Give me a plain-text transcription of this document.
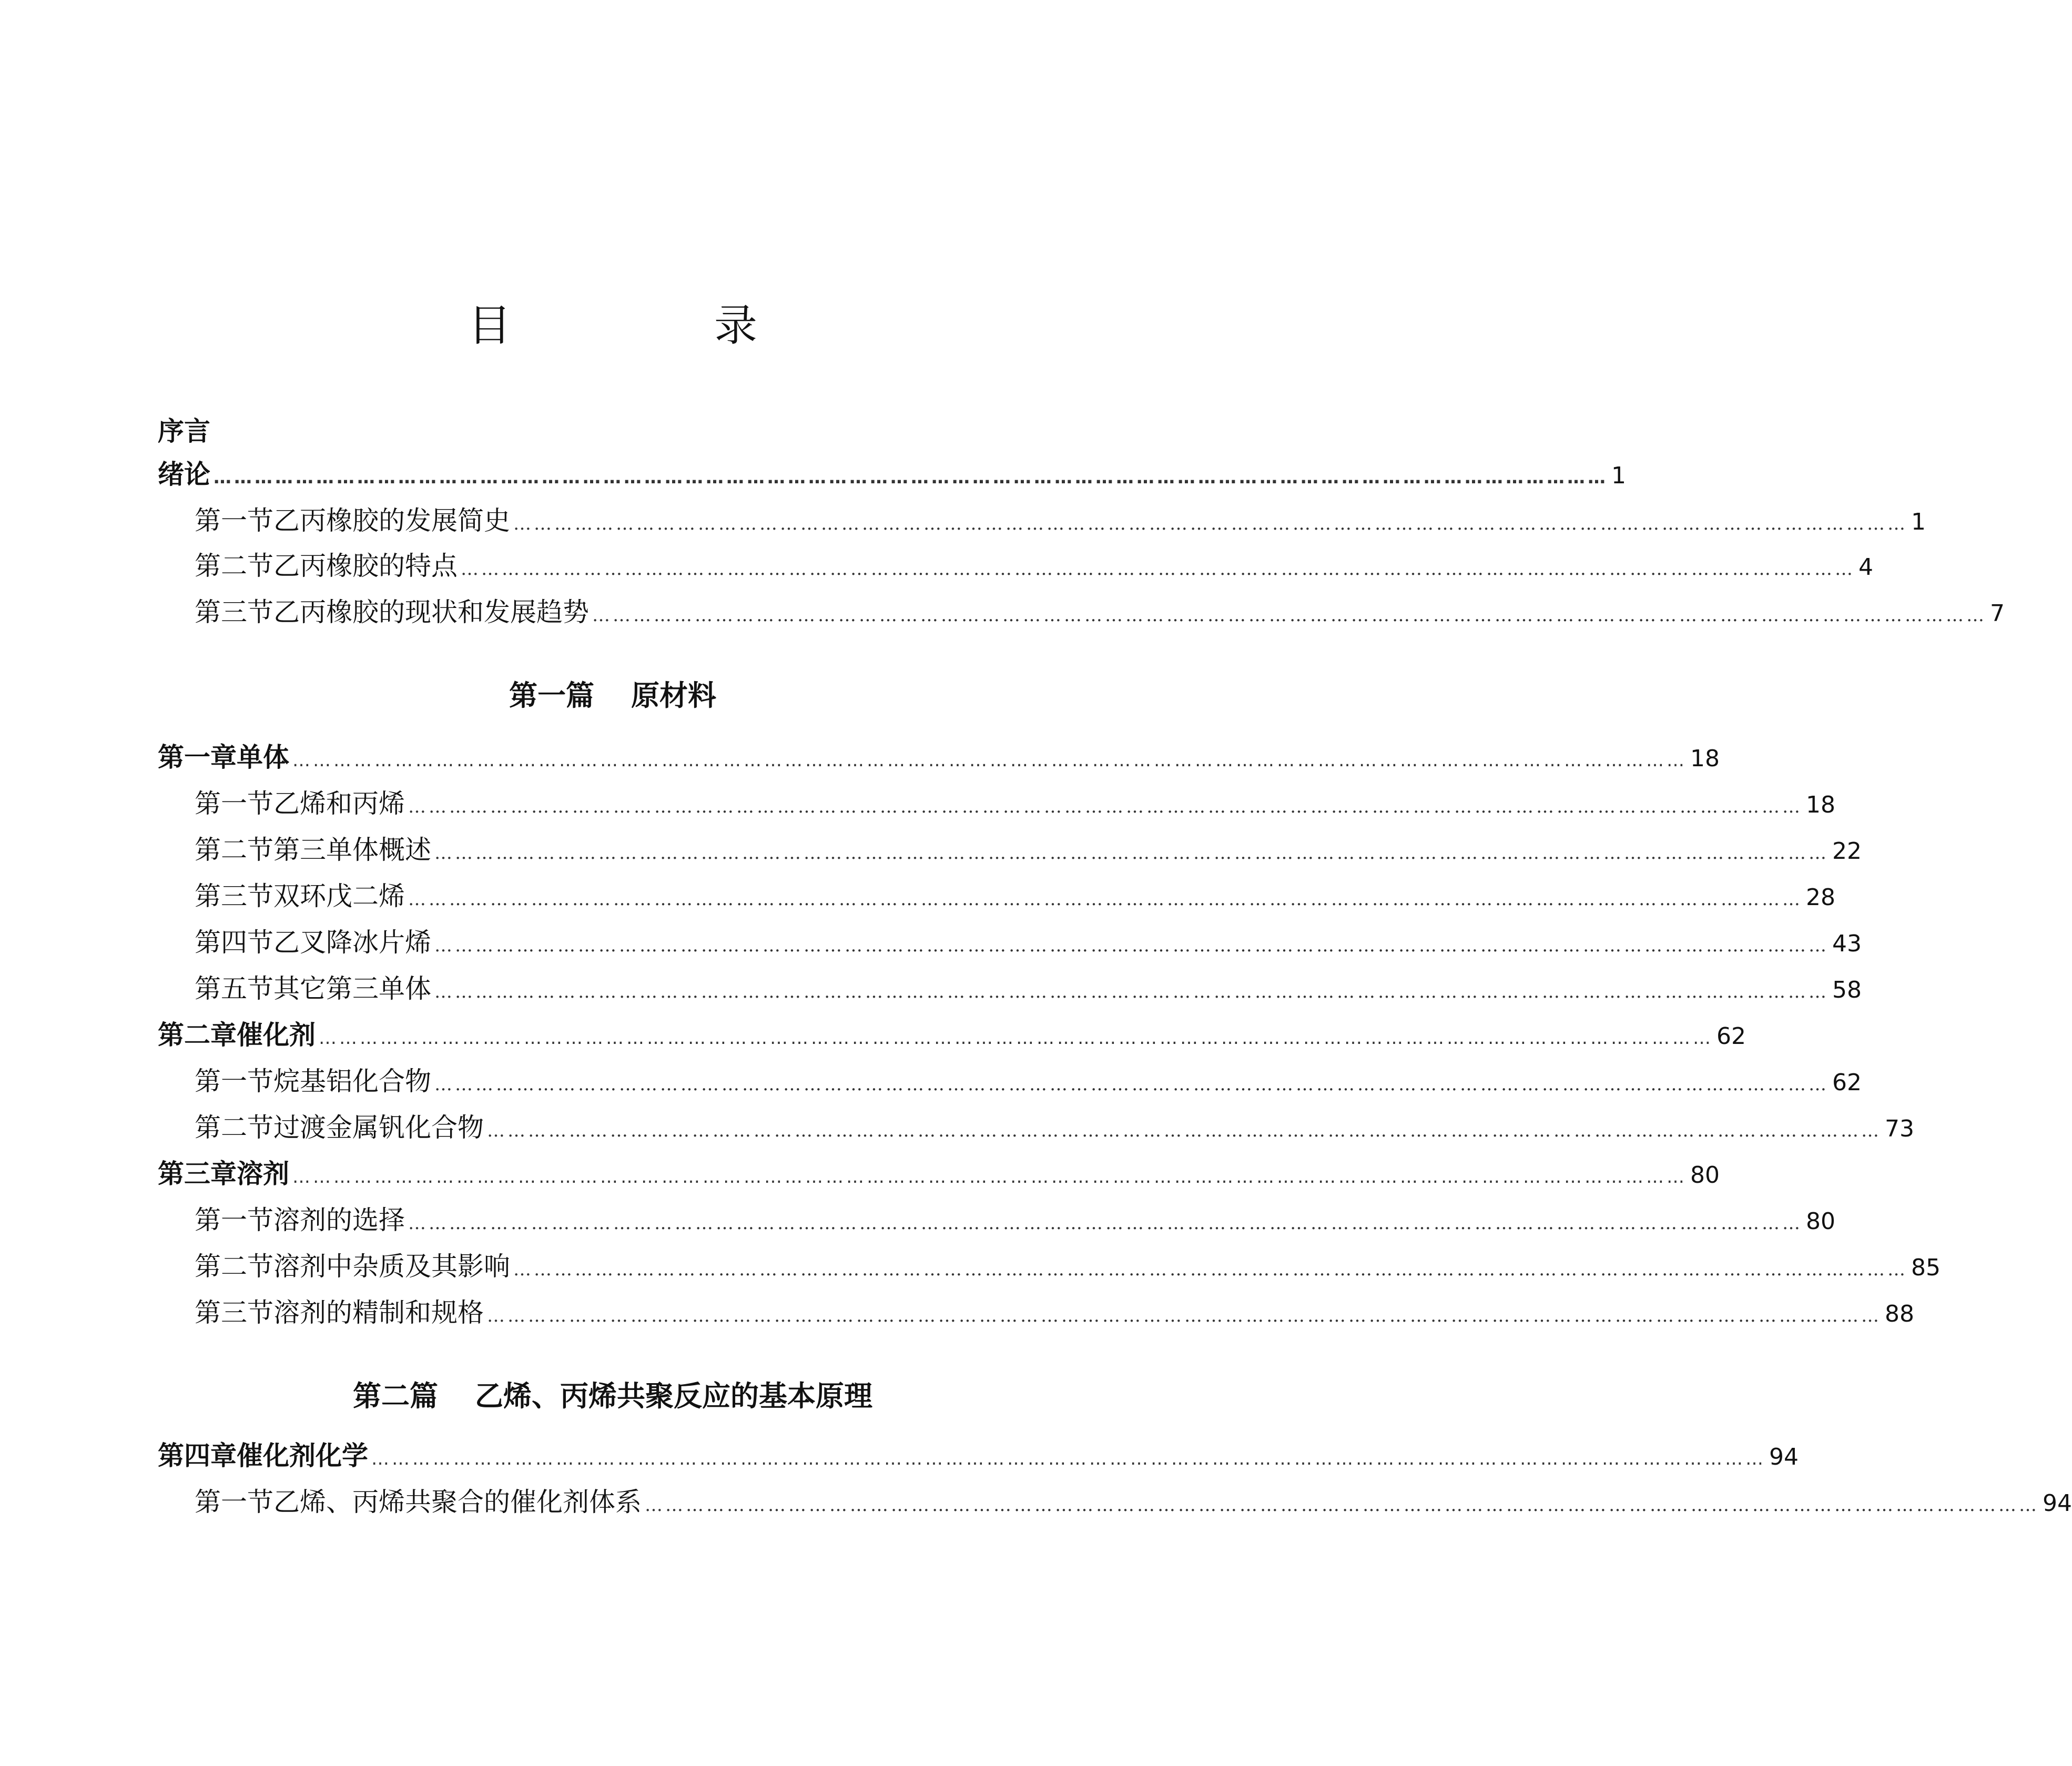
目 录
序言
绪论 …………………………………………………………………………………………………………………………………………………………………………………… 1
第一节 乙丙橡胶的发展简史 …………………………………………………………………………………………………………………………………………………………………………………… 1
第二节 乙丙橡胶的特点 …………………………………………………………………………………………………………………………………………………………………………………… 4
第三节 乙丙橡胶的现状和发展趋势 …………………………………………………………………………………………………………………………………………………………………………………… 7
第一篇 原材料
第一章 单体 …………………………………………………………………………………………………………………………………………………………………………………… 18
第一节 乙烯和丙烯 …………………………………………………………………………………………………………………………………………………………………………………… 18
第二节 第三单体概述 …………………………………………………………………………………………………………………………………………………………………………………… 22
第三节 双环戊二烯 …………………………………………………………………………………………………………………………………………………………………………………… 28
第四节 乙叉降冰片烯 …………………………………………………………………………………………………………………………………………………………………………………… 43
第五节 其它第三单体 …………………………………………………………………………………………………………………………………………………………………………………… 58
第二章 催化剂 …………………………………………………………………………………………………………………………………………………………………………………… 62
第一节 烷基铝化合物 …………………………………………………………………………………………………………………………………………………………………………………… 62
第二节 过渡金属钒化合物 …………………………………………………………………………………………………………………………………………………………………………………… 73
第三章 溶剂 …………………………………………………………………………………………………………………………………………………………………………………… 80
第一节 溶剂的选择 …………………………………………………………………………………………………………………………………………………………………………………… 80
第二节 溶剂中杂质及其影响 …………………………………………………………………………………………………………………………………………………………………………………… 85
第三节 溶剂的精制和规格 …………………………………………………………………………………………………………………………………………………………………………………… 88
第二篇 乙烯、丙烯共聚反应的基本原理
第四章 催化剂化学 …………………………………………………………………………………………………………………………………………………………………………………… 94
第一节 乙烯、丙烯共聚合的催化剂体系 …………………………………………………………………………………………………………………………………………………………………………………… 94
